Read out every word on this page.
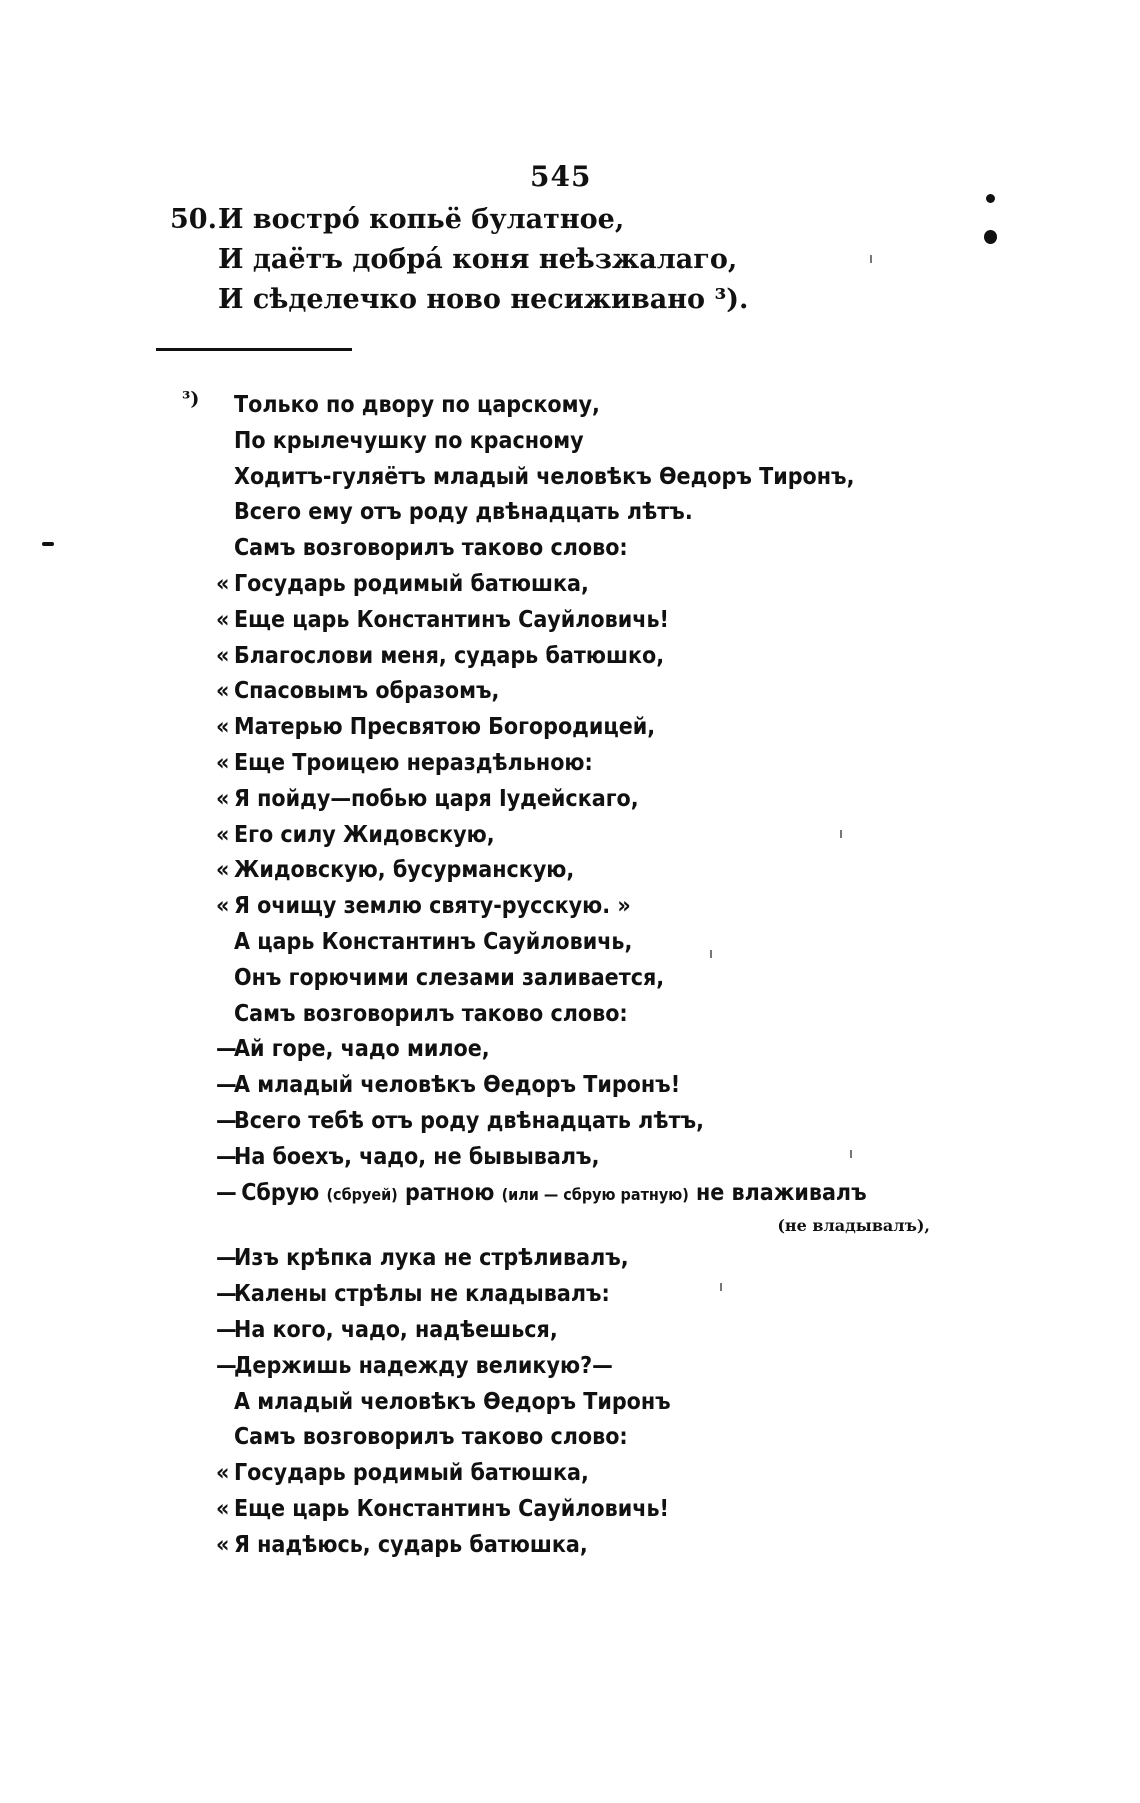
545
50. И востро́ копьё булатное,
И даётъ добра́ коня неѣзжалаго,
И сѣделечко ново несиживано ³).
³)	Только по двору по царскому,
По крылечушку по красному
Ходитъ-гуляётъ младый человѣкъ Ѳедоръ Тиронъ,
Всего ему отъ роду двѣнадцать лѣтъ.
Самъ возговорилъ таково слово:
« Государь родимый батюшка,
« Еще царь Константинъ Сауйловичь!
« Благослови меня, сударь батюшко,
« Спасовымъ образомъ,
« Матерью Пресвятою Богородицей,
« Еще Троицею нераздѣльною:
« Я пойду—побью царя Іудейскаго,
« Его силу Жидовскую,
« Жидовскую, бусурманскую,
« Я очищу землю святу-русскую. »
А царь Константинъ Сауйловичь,
Онъ горючими слезами заливается,
Самъ возговорилъ таково слово:
—Ай горе, чадо милое,
—А младый человѣкъ Ѳедоръ Тиронъ!
—Всего тебѣ отъ роду двѣнадцать лѣтъ,
—На боехъ, чадо, не бывывалъ,
— Сбрую (сбруей) ратною (или — сбрую ратную) не влаживалъ
(не владывалъ),
—Изъ крѣпка лука не стрѣливалъ,
—Калены стрѣлы не кладывалъ:
—На кого, чадо, надѣешься,
—Держишь надежду великую?—
А младый человѣкъ Ѳедоръ Тиронъ
Самъ возговорилъ таково слово:
« Государь родимый батюшка,
« Еще царь Константинъ Сауйловичь!
« Я надѣюсь, сударь батюшка,
